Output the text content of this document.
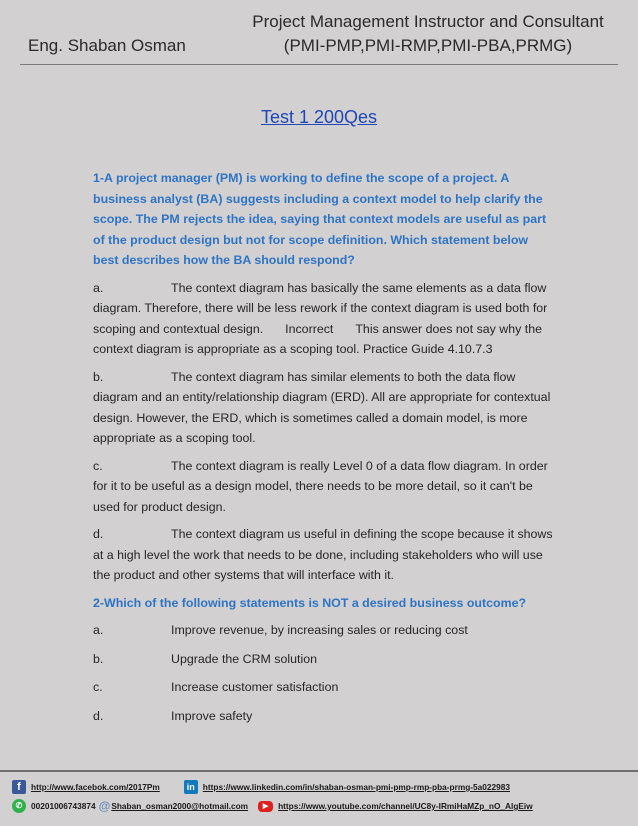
Eng. Shaban Osman
Project Management Instructor and Consultant
(PMI-PMP,PMI-RMP,PMI-PBA,PRMG)
Test 1 200Qes
1-A project manager (PM) is working to define the scope of a project. A business analyst (BA) suggests including a context model to help clarify the scope. The PM rejects the idea, saying that context models are useful as part of the product design but not for scope definition. Which statement below best describes how the BA should respond?
a.	The context diagram has basically the same elements as a data flow diagram. Therefore, there will be less rework if the context diagram is used both for scoping and contextual design. Incorrect This answer does not say why the context diagram is appropriate as a scoping tool. Practice Guide 4.10.7.3
b.	The context diagram has similar elements to both the data flow diagram and an entity/relationship diagram (ERD). All are appropriate for contextual design. However, the ERD, which is sometimes called a domain model, is more appropriate as a scoping tool.
c.	The context diagram is really Level 0 of a data flow diagram. In order for it to be useful as a design model, there needs to be more detail, so it can't be used for product design.
d.	The context diagram us useful in defining the scope because it shows at a high level the work that needs to be done, including stakeholders who will use the product and other systems that will interface with it.
2-Which of the following statements is NOT a desired business outcome?
a.	Improve revenue, by increasing sales or reducing cost
b.	Upgrade the CRM solution
c.	Increase customer satisfaction
d.	Improve safety
f	http://www.facebok.com/2017Pm	in https://www.linkedin.com/in/shaban-osman-pmi-pmp-rmp-pba-prmg-5a022983
✆	00201006743874 @ Shaban_osman2000@hotmail.com	▶	https://www.youtube.com/channel/UC8y-IRmiHaMZp_nO_AlgEiw
